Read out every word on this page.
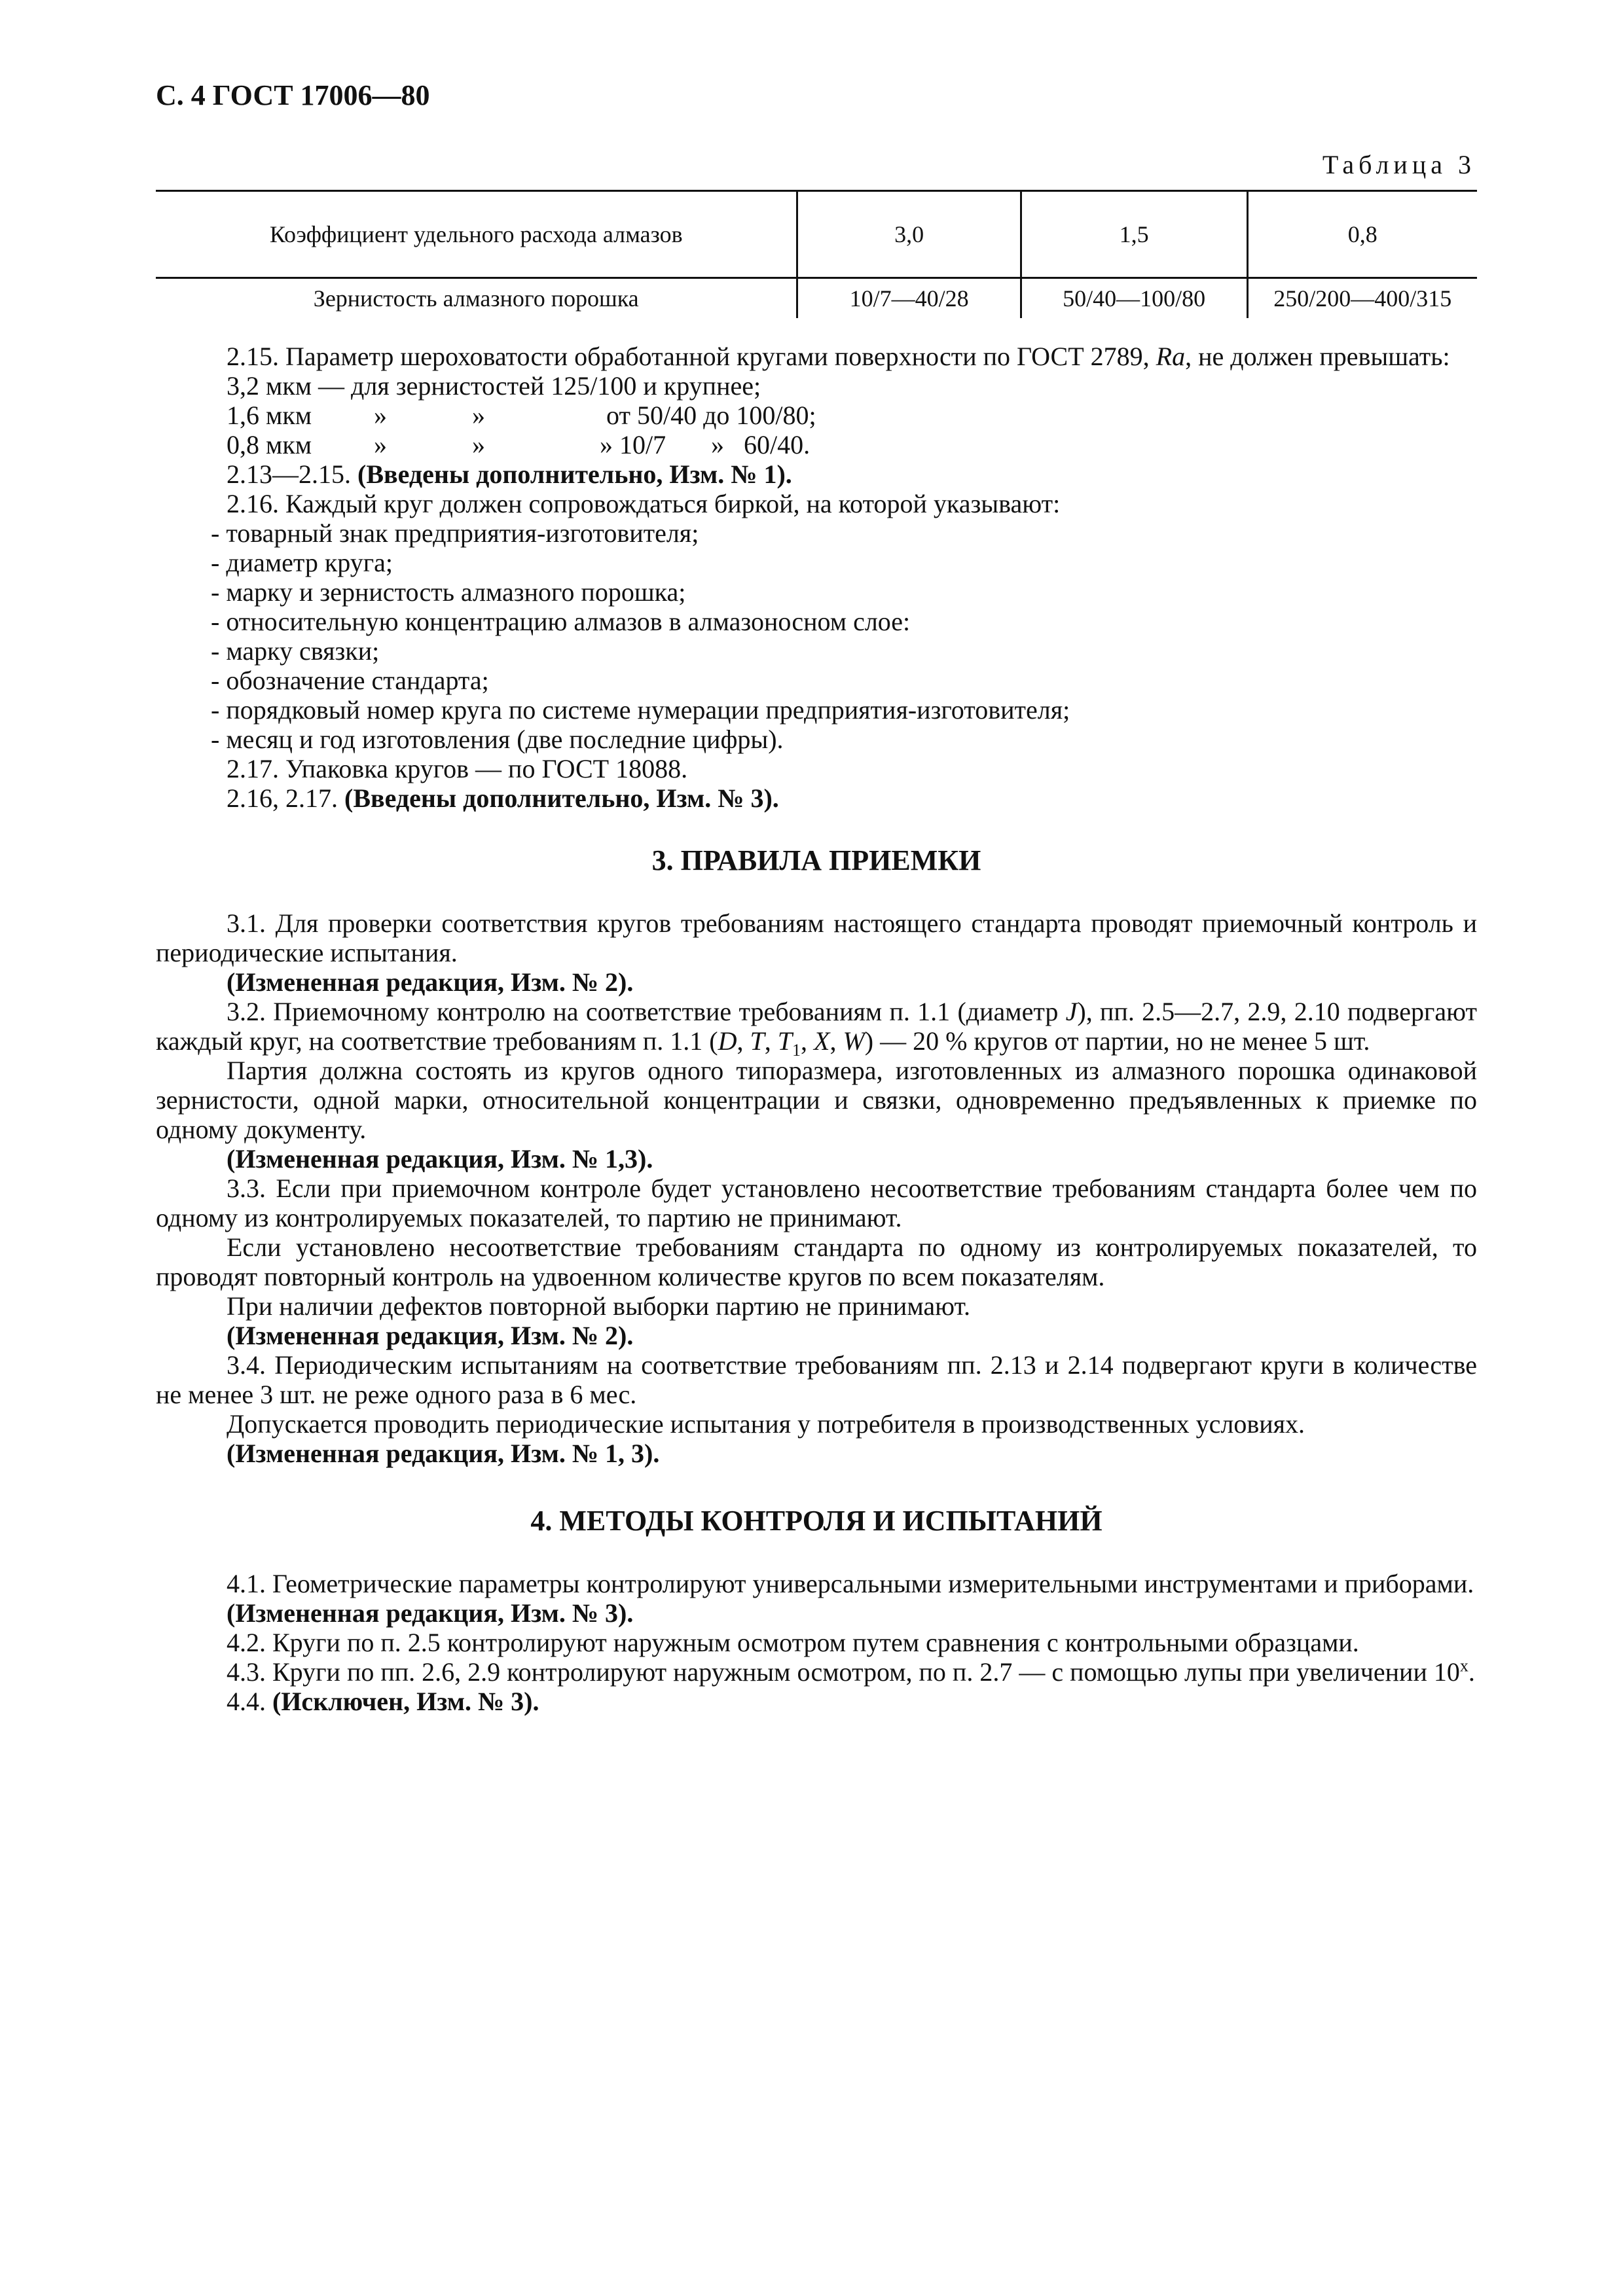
С. 4 ГОСТ 17006—80
Таблица 3
Коэффициент удельного расхода алмазов	3,0	1,5	0,8
Зернистость алмазного порошка	10/7—40/28	50/40—100/80	250/200—400/315

2.15. Параметр шероховатости обработанной кругами поверхности по ГОСТ 2789, Ra, не должен превышать:

3,2 мкм — для зернистостей 125/100 и крупнее;

1,6 мкм	»	»	от 50/40 до 100/80;
0,8 мкм	»	»	» 10/7	» 60/40.

2.13—2.15. (Введены дополнительно, Изм. № 1).

2.16. Каждый круг должен сопровождаться биркой, на которой указывают:

- товарный знак предприятия-изготовителя;

- диаметр круга;

- марку и зернистость алмазного порошка;

- относительную концентрацию алмазов в алмазоносном слое:

- марку связки;

- обозначение стандарта;

- порядковый номер круга по системе нумерации предприятия-изготовителя;

- месяц и год изготовления (две последние цифры).

2.17. Упаковка кругов — по ГОСТ 18088.

2.16, 2.17. (Введены дополнительно, Изм. № 3).

3. ПРАВИЛА ПРИЕМКИ

3.1. Для проверки соответствия кругов требованиям настоящего стандарта проводят приемочный контроль и периодические испытания.

(Измененная редакция, Изм. № 2).

3.2. Приемочному контролю на соответствие требованиям п. 1.1 (диаметр J), пп. 2.5—2.7, 2.9, 2.10 подвергают каждый круг, на соответствие требованиям п. 1.1 (D, T, $T_1$, X, W) — 20 % кругов от партии, но не менее 5 шт.

Партия должна состоять из кругов одного типоразмера, изготовленных из алмазного порошка одинаковой зернистости, одной марки, относительной концентрации и связки, одновременно предъявленных к приемке по одному документу.

(Измененная редакция, Изм. № 1,3).

3.3. Если при приемочном контроле будет установлено несоответствие требованиям стандарта более чем по одному из контролируемых показателей, то партию не принимают.

Если установлено несоответствие требованиям стандарта по одному из контролируемых показателей, то проводят повторный контроль на удвоенном количестве кругов по всем показателям.

При наличии дефектов повторной выборки партию не принимают.

(Измененная редакция, Изм. № 2).

3.4. Периодическим испытаниям на соответствие требованиям пп. 2.13 и 2.14 подвергают круги в количестве не менее 3 шт. не реже одного раза в 6 мес.

Допускается проводить периодические испытания у потребителя в производственных условиях.

(Измененная редакция, Изм. № 1, 3).

4. МЕТОДЫ КОНТРОЛЯ И ИСПЫТАНИЙ

4.1. Геометрические параметры контролируют универсальными измерительными инструментами и приборами.

(Измененная редакция, Изм. № 3).

4.2. Круги по п. 2.5 контролируют наружным осмотром путем сравнения с контрольными образцами.

4.3. Круги по пп. 2.6, 2.9 контролируют наружным осмотром, по п. 2.7 — с помощью лупы при увеличении $10^х$.

4.4. (Исключен, Изм. № 3).
